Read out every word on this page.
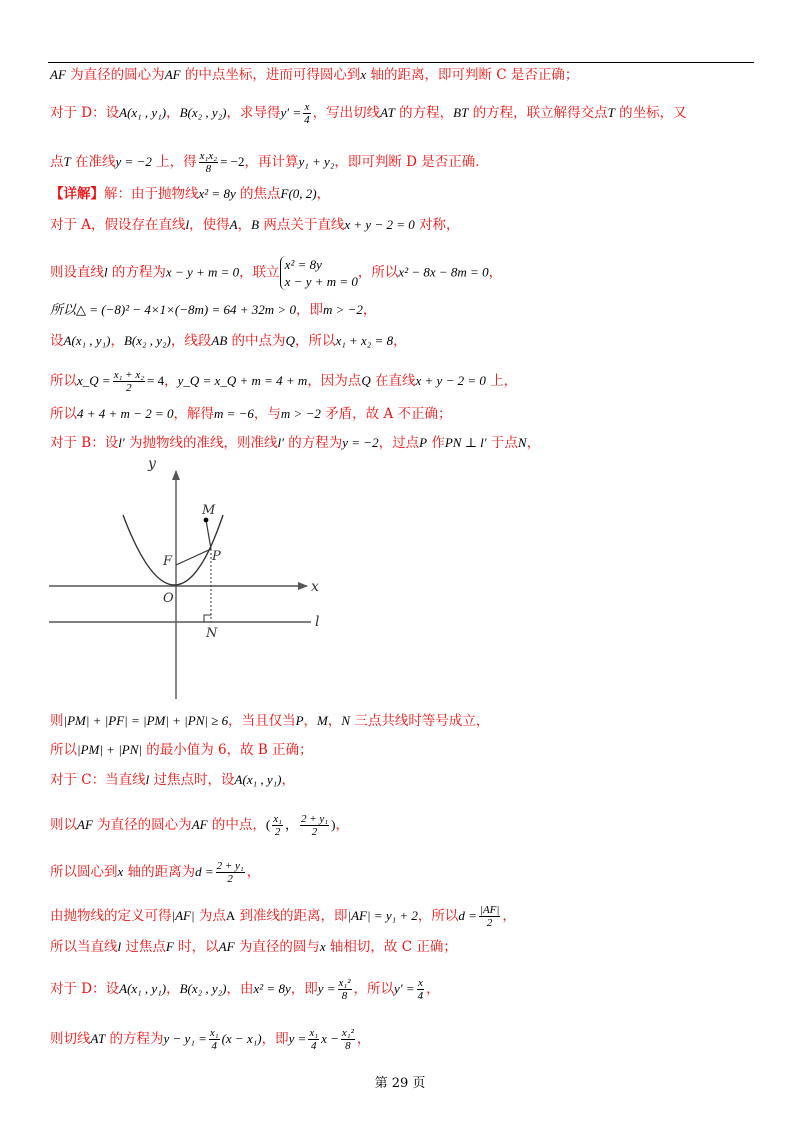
AF 为直径的圆心为AF 的中点坐标，进而可得圆心到x 轴的距离，即可判断 C 是否正确；
对于 D：设A(x₁ , y₁)，B(x₂ , y₂)，求导得$y' = \frac{x}{4}$ ，写出切线AT 的方程，BT 的方程，联立解得交点T 的坐标，又
点T 在准线y = −2 上，得 $\frac{\text{x₁x₂}}{8} = -2$，再计算y₁ + y₂，即可判断 D 是否正确．
【详解】解：由于抛物线x² = 8y 的焦点F(0, 2)，
对于 A，假设存在直线l，使得A，B 两点关于直线x + y − 2 = 0 对称，
则设直线l 的方程为x − y + m = 0，联立 x² = 8y
x − y + m = 0
，所以x² − 8x − 8m = 0，
所以△ = (−8)² − 4×1×(−8m) = 64 + 32m > 0，即m > −2，
设A(x₁ , y₁)，B(x₂ , y₂)，线段AB 的中点为Q，所以x₁ + x₂ = 8，
所以x_Q = $\frac{\text{x₁ + x₂}}{2} = 4$，y_Q = x_Q + m = 4 + m，因为点Q 在直线x + y − 2 = 0 上，
所以4 + 4 + m − 2 = 0，解得m = −6，与m > −2 矛盾，故 A 不正确；
对于 B：设l′ 为抛物线的准线，则准线l′ 的方程为y = −2，过点P 作PN ⊥ l′ 于点N，
y
x
M
F	P
O
N
l
则|PM| + |PF| = |PM| + |PN| ≥ 6，当且仅当P，M，N 三点共线时等号成立，
所以|PM| + |PN| 的最小值为 6，故 B 正确；
对于 C：当直线l 过焦点时，设A(x₁ , y₁)，
则以AF 为直径的圆心为AF 的中点，( $\frac{\text{x₁}}{2}$ ， $\frac{\text{2 + y₁}}{2}$ )，
所以圆心到x 轴的距离为$d = \frac{\text{2 + y₁}}{2}$ ，
由抛物线的定义可得|AF| 为点A 到准线的距离，即|AF| = y₁ + 2，所以$d = \frac{|AF|}{2}$ ，
所以当直线l 过焦点F 时，以AF 为直径的圆与x 轴相切，故 C 正确；
对于 D：设A(x₁ , y₁)，B(x₂ , y₂)，由x² = 8y，即$y = \frac{\text{x₁²}}{8}$ ，所以$y' = \frac{x}{4}$ ，
则切线AT 的方程为$y - y_1 = \frac{\text{x₁}}{4} (x - x_1)$，即$y = \frac{\text{x₁}}{4}$ $x - \frac{\text{x₁²}}{8}$ ，
第 29 页
